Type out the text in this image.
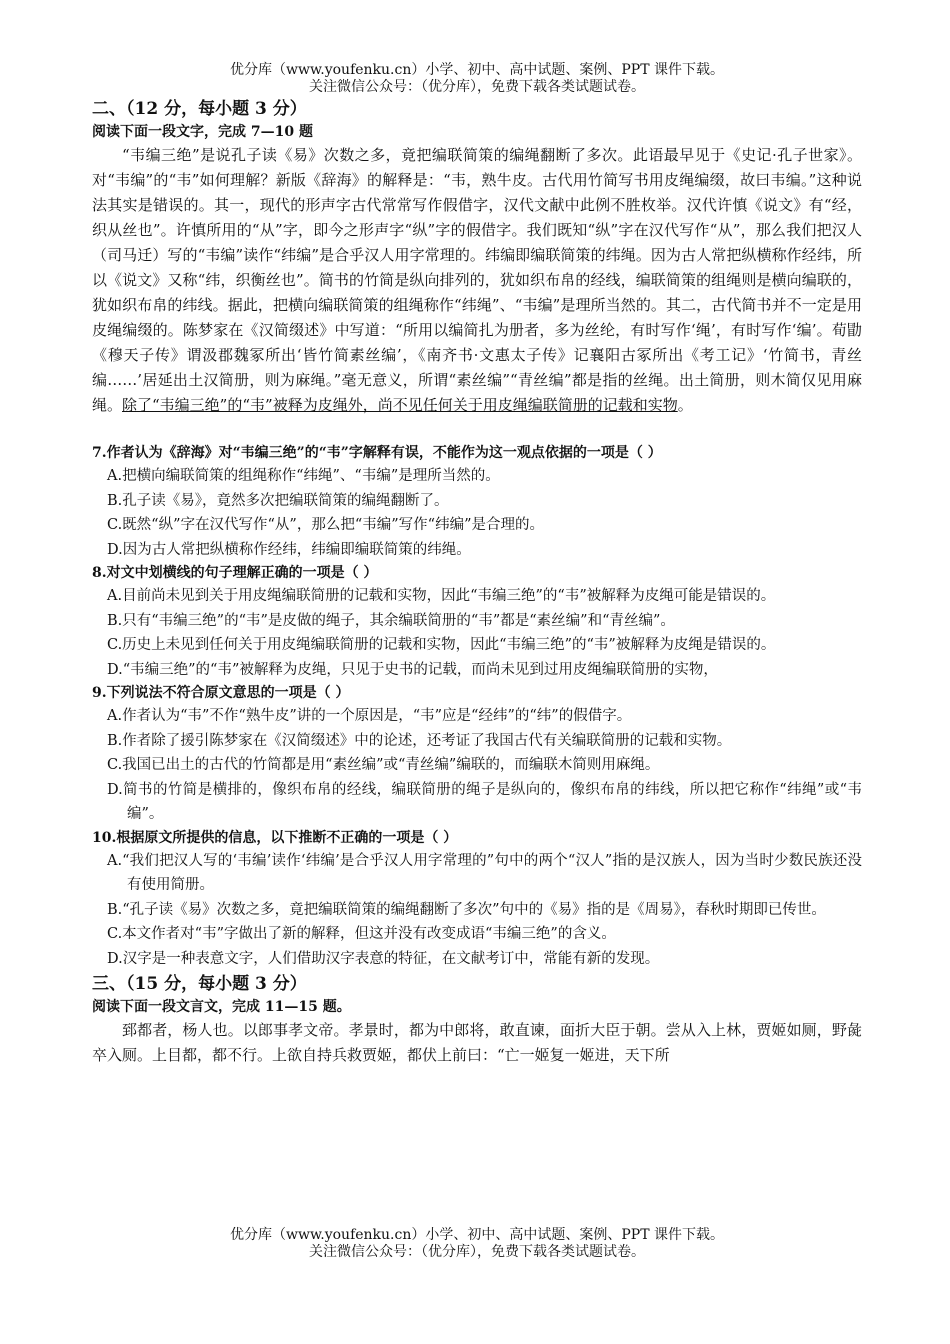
优分库（www.youfenku.cn）小学、初中、高中试题、案例、PPT 课件下载。
关注微信公众号：（优分库），免费下载各类试题试卷。
二、（12 分，每小题 3 分）
阅读下面一段文字，完成 7—10 题

“韦编三绝”是说孔子读《易》次数之多，竟把编联简策的编绳翻断了多次。此语最早见于《史记·孔子世家》。对“韦编”的“韦”如何理解？新版《辞海》的解释是：“韦，熟牛皮。古代用竹简写书用皮绳编缀，故曰韦编。”这种说法其实是错误的。其一，现代的形声字古代常常写作假借字，汉代文献中此例不胜枚举。汉代许慎《说文》有“经，织从丝也”。许慎所用的“从”字，即今之形声字“纵”字的假借字。我们既知“纵”字在汉代写作“从”，那么我们把汉人（司马迁）写的“韦编”读作“纬编”是合乎汉人用字常理的。纬编即编联简策的纬绳。因为古人常把纵横称作经纬，所以《说文》又称“纬，织衡丝也”。简书的竹简是纵向排列的，犹如织布帛的经线，编联简策的组绳则是横向编联的，犹如织布帛的纬线。据此，把横向编联简策的组绳称作“纬绳”、“韦编”是理所当然的。其二，古代简书并不一定是用皮绳编缀的。陈梦家在《汉简缀述》中写道：“所用以编简扎为册者，多为丝纶，有时写作‘绳’，有时写作‘编’。荀勖《穆天子传》谓汲郡魏冢所出‘皆竹简素丝编’，《南齐书·文惠太子传》记襄阳古冢所出《考工记》‘竹简书，青丝编……’居延出土汉简册，则为麻绳。”毫无意义，所谓“素丝编”“青丝编”都是指的丝绳。出土简册，则木简仅见用麻绳。除了“韦编三绝”的“韦”被释为皮绳外，尚不见任何关于用皮绳编联简册的记载和实物。

7.作者认为《辞海》对“韦编三绝”的“韦”字解释有误，不能作为这一观点依据的一项是（ ）
A.把横向编联简策的组绳称作“纬绳”、“韦编”是理所当然的。
B.孔子读《易》，竟然多次把编联简策的编绳翻断了。
C.既然“纵”字在汉代写作“从”，那么把“韦编”写作“纬编”是合理的。
D.因为古人常把纵横称作经纬，纬编即编联简策的纬绳。
8.对文中划横线的句子理解正确的一项是（ ）
A.目前尚未见到关于用皮绳编联简册的记载和实物，因此“韦编三绝”的“韦”被解释为皮绳可能是错误的。
B.只有“韦编三绝”的“韦”是皮做的绳子，其余编联简册的“韦”都是“素丝编”和“青丝编”。
C.历史上未见到任何关于用皮绳编联简册的记载和实物，因此“韦编三绝”的“韦”被解释为皮绳是错误的。
D.“韦编三绝”的“韦”被解释为皮绳，只见于史书的记载，而尚未见到过用皮绳编联简册的实物，
9.下列说法不符合原文意思的一项是（ ）
A.作者认为“韦”不作“熟牛皮”讲的一个原因是，“韦”应是“经纬”的“纬”的假借字。
B.作者除了援引陈梦家在《汉简缀述》中的论述，还考证了我国古代有关编联简册的记载和实物。
C.我国已出土的古代的竹简都是用“素丝编”或“青丝编”编联的，而编联木简则用麻绳。
D.简书的竹简是横排的，像织布帛的经线，编联简册的绳子是纵向的，像织布帛的纬线，所以把它称作“纬绳”或“韦编”。
10.根据原文所提供的信息，以下推断不正确的一项是（ ）
A.“我们把汉人写的‘韦编’读作‘纬编’是合乎汉人用字常理的”句中的两个“汉人”指的是汉族人，因为当时少数民族还没有使用简册。
B.“孔子读《易》次数之多，竟把编联简策的编绳翻断了多次”句中的《易》指的是《周易》，春秋时期即已传世。
C.本文作者对“韦”字做出了新的解释，但这并没有改变成语“韦编三绝”的含义。
D.汉字是一种表意文字，人们借助汉字表意的特征，在文献考订中，常能有新的发现。
三、（15 分，每小题 3 分）
阅读下面一段文言文，完成 11—15 题。

郅都者，杨人也。以郎事孝文帝。孝景时，都为中郎将，敢直谏，面折大臣于朝。尝从入上林，贾姬如厕，野彘卒入厕。上目都，都不行。上欲自持兵救贾姬，都伏上前曰：“亡一姬复一姬进，天下所

优分库（www.youfenku.cn）小学、初中、高中试题、案例、PPT 课件下载。
关注微信公众号：（优分库），免费下载各类试题试卷。
